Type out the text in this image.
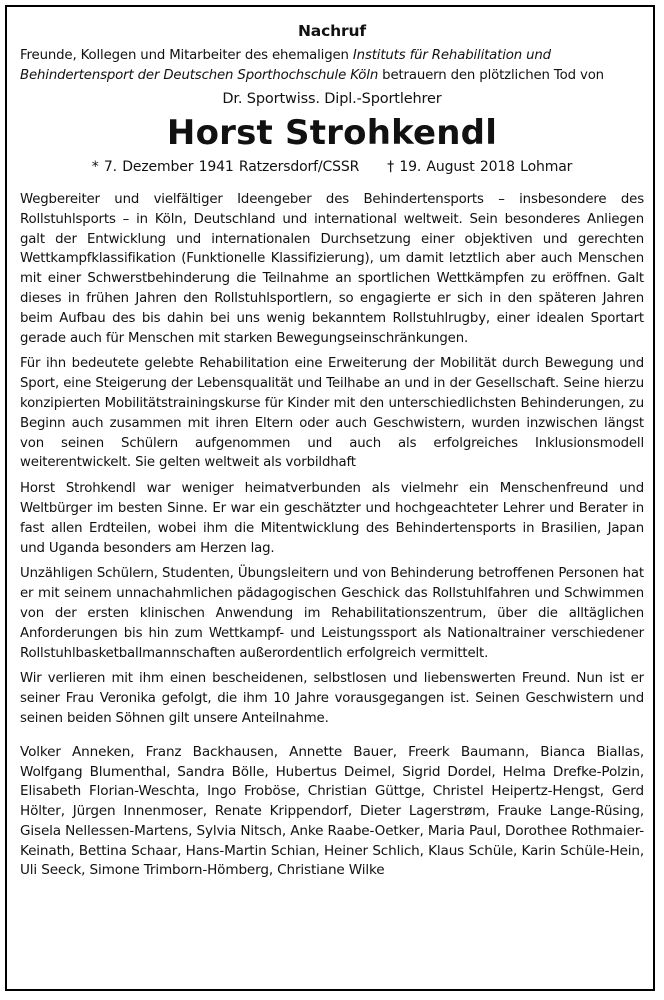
Nachruf

Freunde, Kollegen und Mitarbeiter des ehemaligen Instituts für Rehabilitation und Behindertensport der Deutschen Sporthochschule Köln betrauern den plötzlichen Tod von

Dr. Sportwiss. Dipl.-Sportlehrer

Horst Strohkendl

* 7. Dezember 1941 Ratzersdorf/CSSR † 19. August 2018 Lohmar

Wegbereiter und vielfältiger Ideengeber des Behindertensports – insbesondere des Rollstuhlsports – in Köln, Deutschland und international weltweit. Sein besonderes Anliegen galt der Entwicklung und internationalen Durchsetzung einer objektiven und gerechten Wettkampfklassifikation (Funktionelle Klassifizierung), um damit letztlich aber auch Menschen mit einer Schwerstbehinderung die Teilnahme an sportlichen Wettkämpfen zu eröffnen. Galt dieses in frühen Jahren den Rollstuhlsportlern, so engagierte er sich in den späteren Jahren beim Aufbau des bis dahin bei uns wenig bekanntem Rollstuhlrugby, einer idealen Sportart gerade auch für Menschen mit starken Bewegungseinschränkungen.

Für ihn bedeutete gelebte Rehabilitation eine Erweiterung der Mobilität durch Bewegung und Sport, eine Steigerung der Lebensqualität und Teilhabe an und in der Gesellschaft. Seine hierzu konzipierten Mobilitätstrainingskurse für Kinder mit den unterschiedlichsten Behinderungen, zu Beginn auch zusammen mit ihren Eltern oder auch Geschwistern, wurden inzwischen längst von seinen Schülern aufgenommen und auch als erfolgreiches Inklusionsmodell weiterentwickelt. Sie gelten weltweit als vorbildhaft

Horst Strohkendl war weniger heimatverbunden als vielmehr ein Menschenfreund und Weltbürger im besten Sinne. Er war ein geschätzter und hochgeachteter Lehrer und Berater in fast allen Erdteilen, wobei ihm die Mitentwicklung des Behindertensports in Brasilien, Japan und Uganda besonders am Herzen lag.

Unzähligen Schülern, Studenten, Übungsleitern und von Behinderung betroffenen Personen hat er mit seinem unnachahmlichen pädagogischen Geschick das Rollstuhlfahren und Schwimmen von der ersten klinischen Anwendung im Rehabilitationszentrum, über die alltäglichen Anforderungen bis hin zum Wettkampf- und Leistungssport als Nationaltrainer verschiedener Rollstuhlbasketballmannschaften außerordentlich erfolgreich vermittelt.

Wir verlieren mit ihm einen bescheidenen, selbstlosen und liebenswerten Freund. Nun ist er seiner Frau Veronika gefolgt, die ihm 10 Jahre vorausgegangen ist. Seinen Geschwistern und seinen beiden Söhnen gilt unsere Anteilnahme.

Volker Anneken, Franz Backhausen, Annette Bauer, Freerk Baumann, Bianca Biallas, Wolfgang Blumenthal, Sandra Bölle, Hubertus Deimel, Sigrid Dordel, Helma Drefke-Polzin, Elisabeth Florian-Weschta, Ingo Froböse, Christian Güttge, Christel Heipertz-Hengst, Gerd Hölter, Jürgen Innenmoser, Renate Krippendorf, Dieter Lagerstrøm, Frauke Lange-Rüsing, Gisela Nellessen-Martens, Sylvia Nitsch, Anke Raabe-Oetker, Maria Paul, Dorothee Rothmaier-Keinath, Bettina Schaar, Hans-Martin Schian, Heiner Schlich, Klaus Schüle, Karin Schüle-Hein, Uli Seeck, Simone Trimborn-Hömberg, Christiane Wilke
